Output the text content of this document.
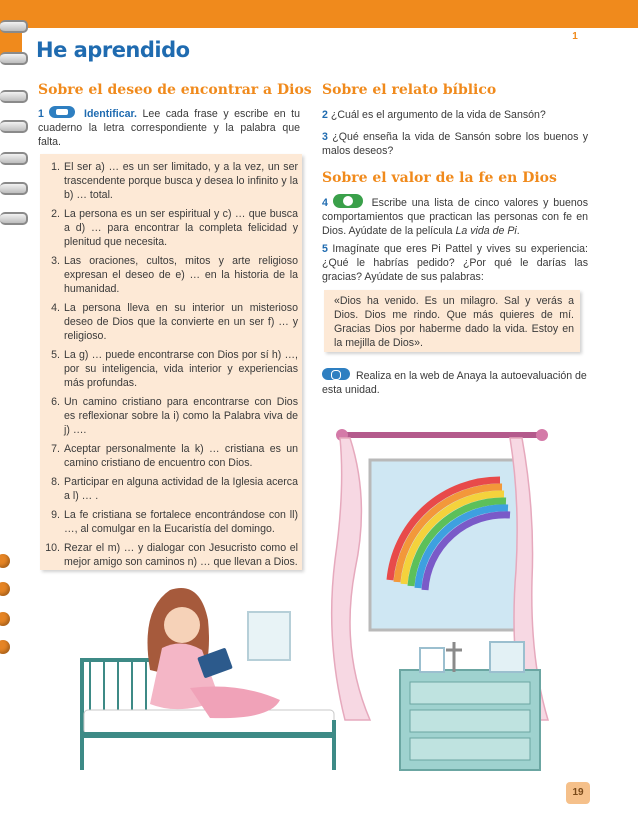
He aprendido	UNIDAD	1
Sobre el deseo de encontrar a Dios
1	Identificar. Lee cada frase y escribe en tu cuaderno la letra correspondiente y la palabra que falta.
1. El ser a) … es un ser limitado, y a la vez, un ser trascendente porque busca y desea lo infinito y la b) … total.
2. La persona es un ser espiritual y c) … que busca a d) … para encontrar la completa felicidad y plenitud que necesita.
3. Las oraciones, cultos, mitos y arte religioso expresan el deseo de e) … en la historia de la humanidad.
4. La persona lleva en su interior un misterioso deseo de Dios que la convierte en un ser f) … y religioso.
5. La g) … puede encontrarse con Dios por sí h) …, por su inteligencia, vida interior y experiencias más profundas.
6. Un camino cristiano para encontrarse con Dios es reflexionar sobre la i) como la Palabra viva de j) ….
7. Aceptar personalmente la k) … cristiana es un camino cristiano de encuentro con Dios.
8. Participar en alguna actividad de la Iglesia acerca a l) … .
9. La fe cristiana se fortalece encontrándose con ll) …, al comulgar en la Eucaristía del domingo.
10. Rezar el m) … y dialogar con Jesucristo como el mejor amigo son caminos n) … que llevan a Dios.
Sobre el relato bíblico
2 ¿Cuál es el argumento de la vida de Sansón?
3 ¿Qué enseña la vida de Sansón sobre los buenos y malos deseos?
Sobre el valor de la fe en Dios
4	Escribe una lista de cinco valores y buenos comportamientos que practican las personas con fe en Dios. Ayúdate de la película La vida de Pi.
5 Imagínate que eres Pi Pattel y vives su experiencia: ¿Qué le habrías pedido? ¿Por qué le darías las gracias? Ayúdate de sus palabras:
«Dios ha venido. Es un milagro. Sal y verás a Dios. Dios me rindo. Que más quieres de mí. Gracias Dios por haberme dado la vida. Estoy en la mejilla de Dios».
Realiza en la web de Anaya la autoevaluación de esta unidad.
19
